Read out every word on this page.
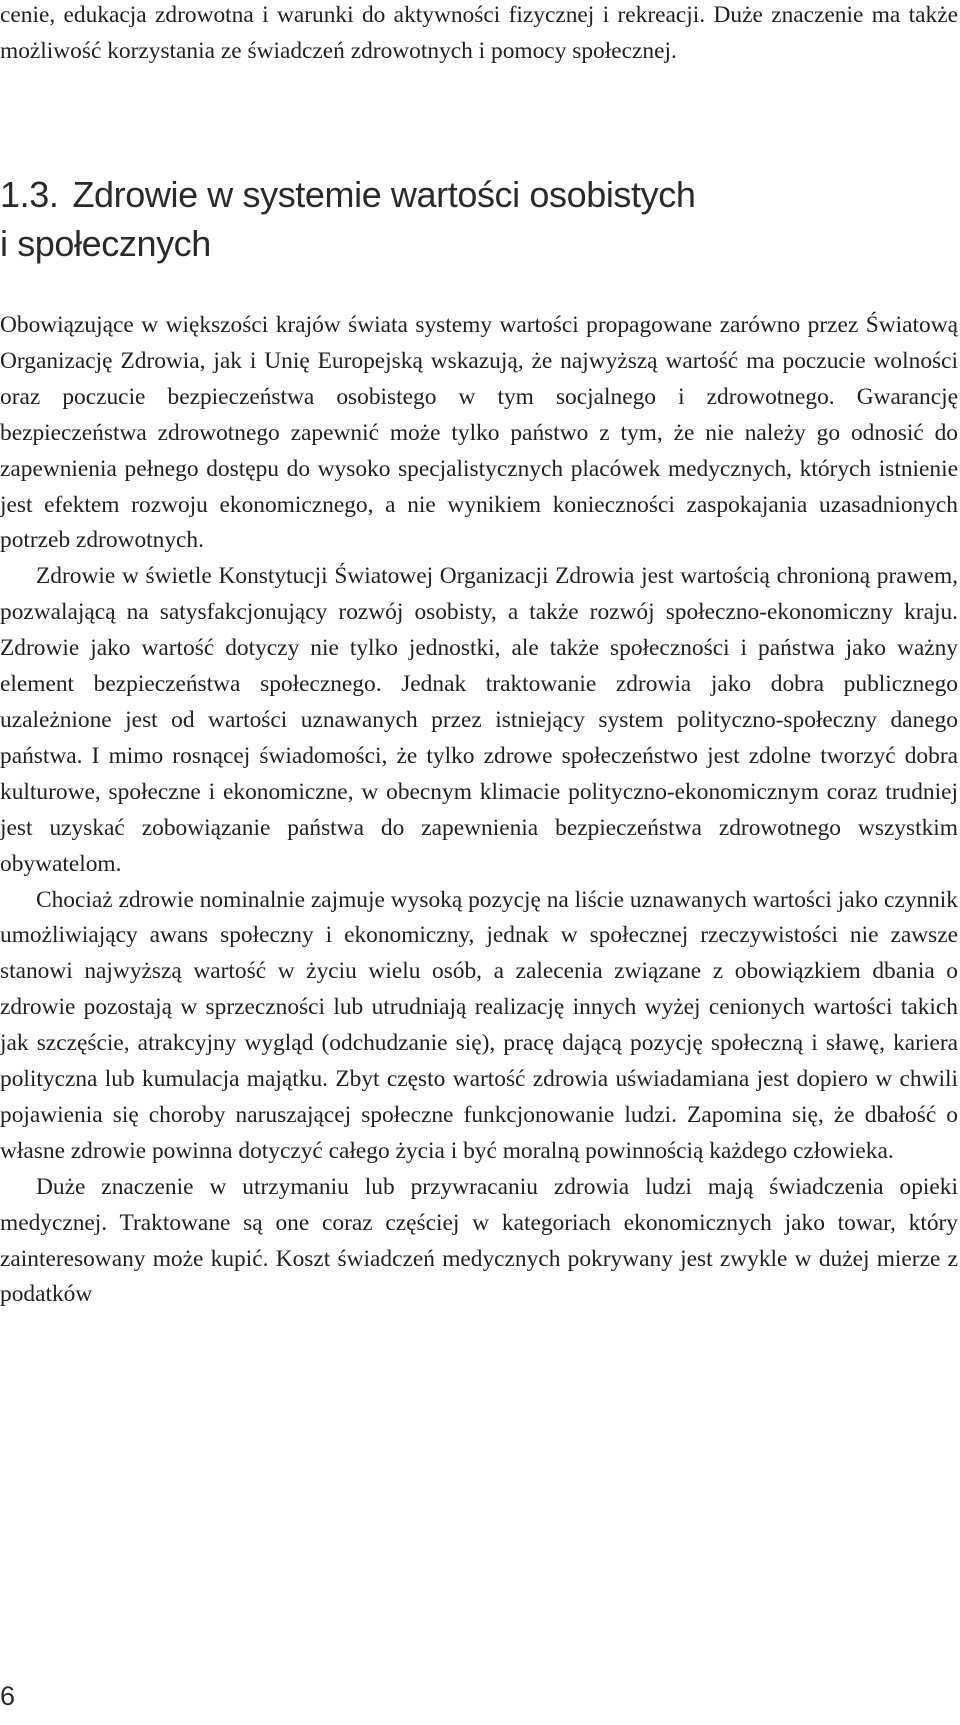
cenie, edukacja zdrowotna i warunki do aktywności fizycznej i rekreacji. Duże znaczenie ma także możliwość korzystania ze świadczeń zdrowotnych i pomocy społecznej.

1.3. Zdrowie w systemie wartości osobistych
i społecznych

Obowiązujące w większości krajów świata systemy wartości propagowane zarówno przez Światową Organizację Zdrowia, jak i Unię Europejską wskazują, że najwyższą wartość ma poczucie wolności oraz poczucie bezpieczeństwa osobistego w tym socjalnego i zdrowotnego. Gwarancję bezpieczeństwa zdrowotnego zapewnić może tylko państwo z tym, że nie należy go odnosić do zapewnienia pełnego dostępu do wysoko specjalistycznych placówek medycznych, których istnienie jest efektem rozwoju ekonomicznego, a nie wynikiem konieczności zaspokajania uzasadnionych potrzeb zdrowotnych.

Zdrowie w świetle Konstytucji Światowej Organizacji Zdrowia jest wartością chronioną prawem, pozwalającą na satysfakcjonujący rozwój osobisty, a także rozwój społeczno-ekonomiczny kraju. Zdrowie jako wartość dotyczy nie tylko jednostki, ale także społeczności i państwa jako ważny element bezpieczeństwa społecznego. Jednak traktowanie zdrowia jako dobra publicznego uzależnione jest od wartości uznawanych przez istniejący system polityczno-społeczny danego państwa. I mimo rosnącej świadomości, że tylko zdrowe społeczeństwo jest zdolne tworzyć dobra kulturowe, społeczne i ekonomiczne, w obecnym klimacie polityczno-ekonomicznym coraz trudniej jest uzyskać zobowiązanie państwa do zapewnienia bezpieczeństwa zdrowotnego wszystkim obywatelom.

Chociaż zdrowie nominalnie zajmuje wysoką pozycję na liście uznawanych wartości jako czynnik umożliwiający awans społeczny i ekonomiczny, jednak w społecznej rzeczywistości nie zawsze stanowi najwyższą wartość w życiu wielu osób, a zalecenia związane z obowiązkiem dbania o zdrowie pozostają w sprzeczności lub utrudniają realizację innych wyżej cenionych wartości takich jak szczęście, atrakcyjny wygląd (odchudzanie się), pracę dającą pozycję społeczną i sławę, kariera polityczna lub kumulacja majątku. Zbyt często wartość zdrowia uświadamiana jest dopiero w chwili pojawienia się choroby naruszającej społeczne funkcjonowanie ludzi. Zapomina się, że dbałość o własne zdrowie powinna dotyczyć całego życia i być moralną powinnością każdego człowieka.

Duże znaczenie w utrzymaniu lub przywracaniu zdrowia ludzi mają świadczenia opieki medycznej. Traktowane są one coraz częściej w kategoriach ekonomicznych jako towar, który zainteresowany może kupić. Koszt świadczeń medycznych pokrywany jest zwykle w dużej mierze z podatków

6
